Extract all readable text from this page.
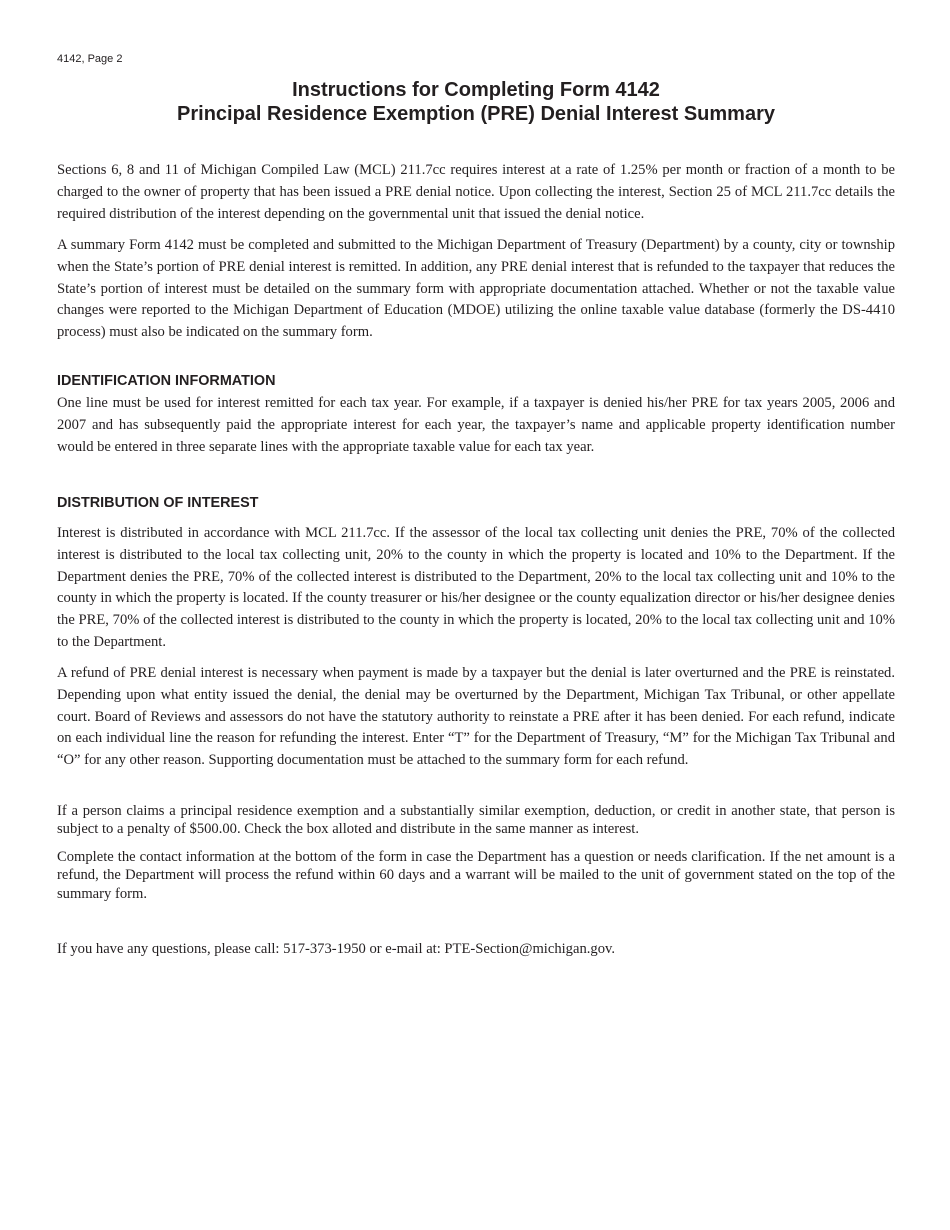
4142, Page 2
Instructions for Completing Form 4142
Principal Residence Exemption (PRE) Denial Interest Summary

Sections 6, 8 and 11 of Michigan Compiled Law (MCL) 211.7cc requires interest at a rate of 1.25% per month or fraction of a month to be charged to the owner of property that has been issued a PRE denial notice. Upon collecting the interest, Section 25 of MCL 211.7cc details the required distribution of the interest depending on the governmental unit that issued the denial notice.

A summary Form 4142 must be completed and submitted to the Michigan Department of Treasury (Department) by a county, city or township when the State’s portion of PRE denial interest is remitted. In addition, any PRE denial interest that is refunded to the taxpayer that reduces the State’s portion of interest must be detailed on the summary form with appropriate documentation attached. Whether or not the taxable value changes were reported to the Michigan Department of Education (MDOE) utilizing the online taxable value database (formerly the DS-4410 process) must also be indicated on the summary form.

IDENTIFICATION INFORMATION

One line must be used for interest remitted for each tax year. For example, if a taxpayer is denied his/her PRE for tax years 2005, 2006 and 2007 and has subsequently paid the appropriate interest for each year, the taxpayer’s name and applicable property identification number would be entered in three separate lines with the appropriate taxable value for each tax year.

DISTRIBUTION OF INTEREST

Interest is distributed in accordance with MCL 211.7cc. If the assessor of the local tax collecting unit denies the PRE, 70% of the collected interest is distributed to the local tax collecting unit, 20% to the county in which the property is located and 10% to the Department. If the Department denies the PRE, 70% of the collected interest is distributed to the Department, 20% to the local tax collecting unit and 10% to the county in which the property is located. If the county treasurer or his/her designee or the county equalization director or his/her designee denies the PRE, 70% of the collected interest is distributed to the county in which the property is located, 20% to the local tax collecting unit and 10% to the Department.

A refund of PRE denial interest is necessary when payment is made by a taxpayer but the denial is later overturned and the PRE is reinstated. Depending upon what entity issued the denial, the denial may be overturned by the Department, Michigan Tax Tribunal, or other appellate court. Board of Reviews and assessors do not have the statutory authority to reinstate a PRE after it has been denied. For each refund, indicate on each individual line the reason for refunding the interest. Enter “T” for the Department of Treasury, “M” for the Michigan Tax Tribunal and “O” for any other reason. Supporting documentation must be attached to the summary form for each refund.

If a person claims a principal residence exemption and a substantially similar exemption, deduction, or credit in another state, that person is subject to a penalty of $500.00. Check the box alloted and distribute in the same manner as interest.

Complete the contact information at the bottom of the form in case the Department has a question or needs clarification. If the net amount is a refund, the Department will process the refund within 60 days and a warrant will be mailed to the unit of government stated on the top of the summary form.

If you have any questions, please call: 517-373-1950 or e-mail at: PTE-Section@michigan.gov.
